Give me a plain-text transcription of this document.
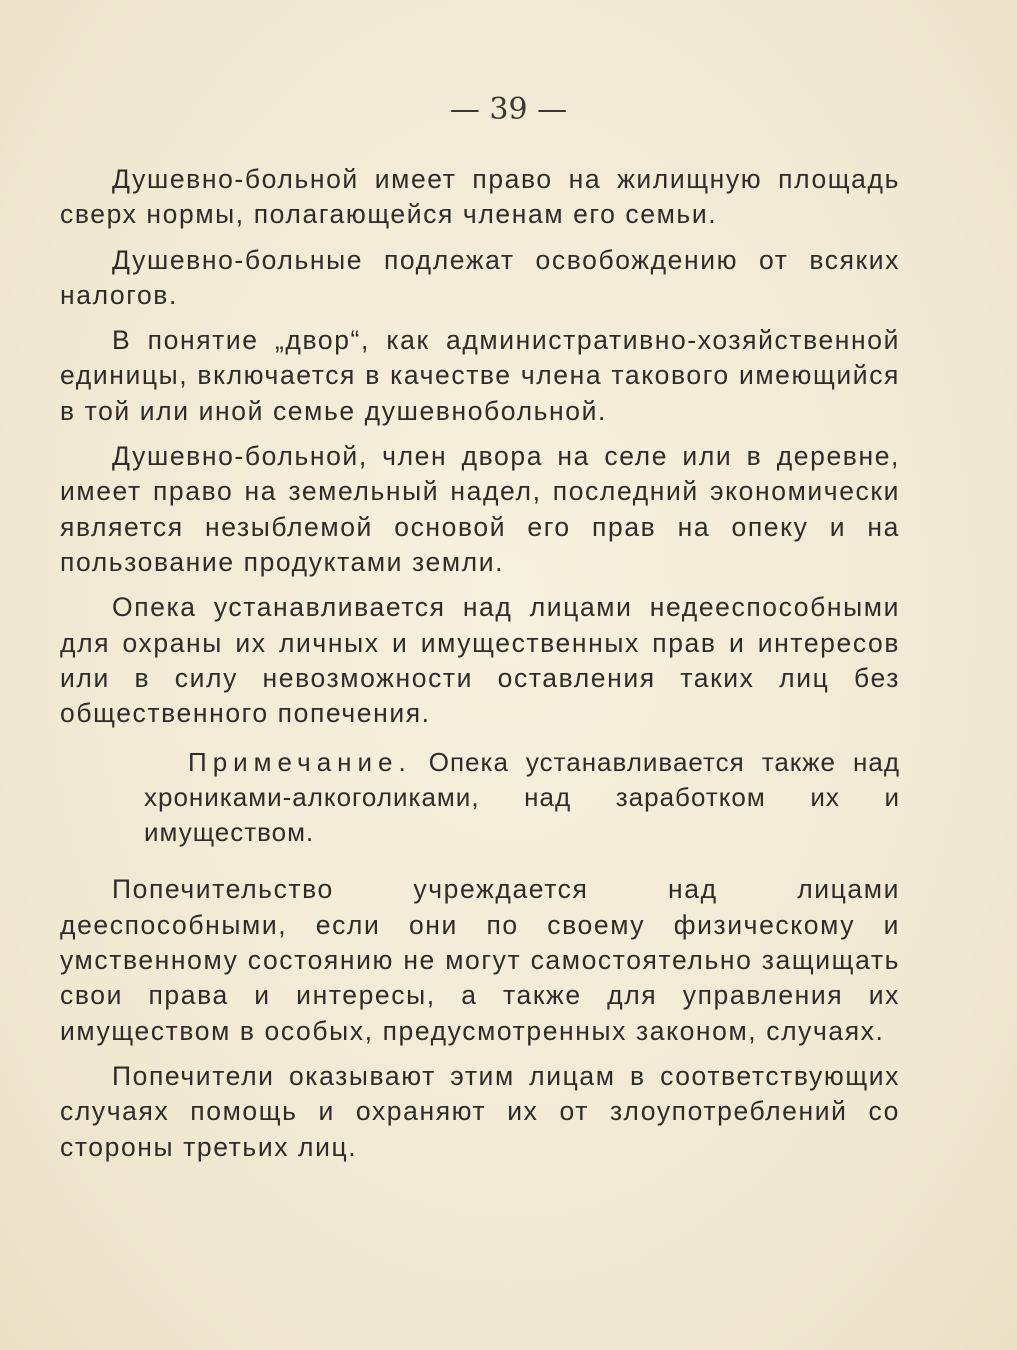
— 39 —

Душевно-больной имеет право на жилищную площадь сверх нормы, полагающейся членам его семьи.

Душевно-больные подлежат освобождению от всяких налогов.

В понятие „двор“, как административно-хозяйственной единицы, включается в качестве члена такового имеющийся в той или иной семье душевнобольной.

Душевно-больной, член двора на селе или в деревне, имеет право на земельный надел, последний экономически является незыблемой основой его прав на опеку и на пользование продуктами земли.

Опека устанавливается над лицами недееспособными для охраны их личных и имущественных прав и интересов или в силу невозможности оставления таких лиц без общественного попечения.

Примечание. Опека устанавливается также над хрониками-алкоголиками, над заработком их и имуществом.

Попечительство учреждается над лицами дееспособными, если они по своему физическому и умственному состоянию не могут самостоятельно защищать свои права и интересы, а также для управления их имуществом в особых, предусмотренных законом, случаях.

Попечители оказывают этим лицам в соответствующих случаях помощь и охраняют их от злоупотреблений со стороны третьих лиц.
